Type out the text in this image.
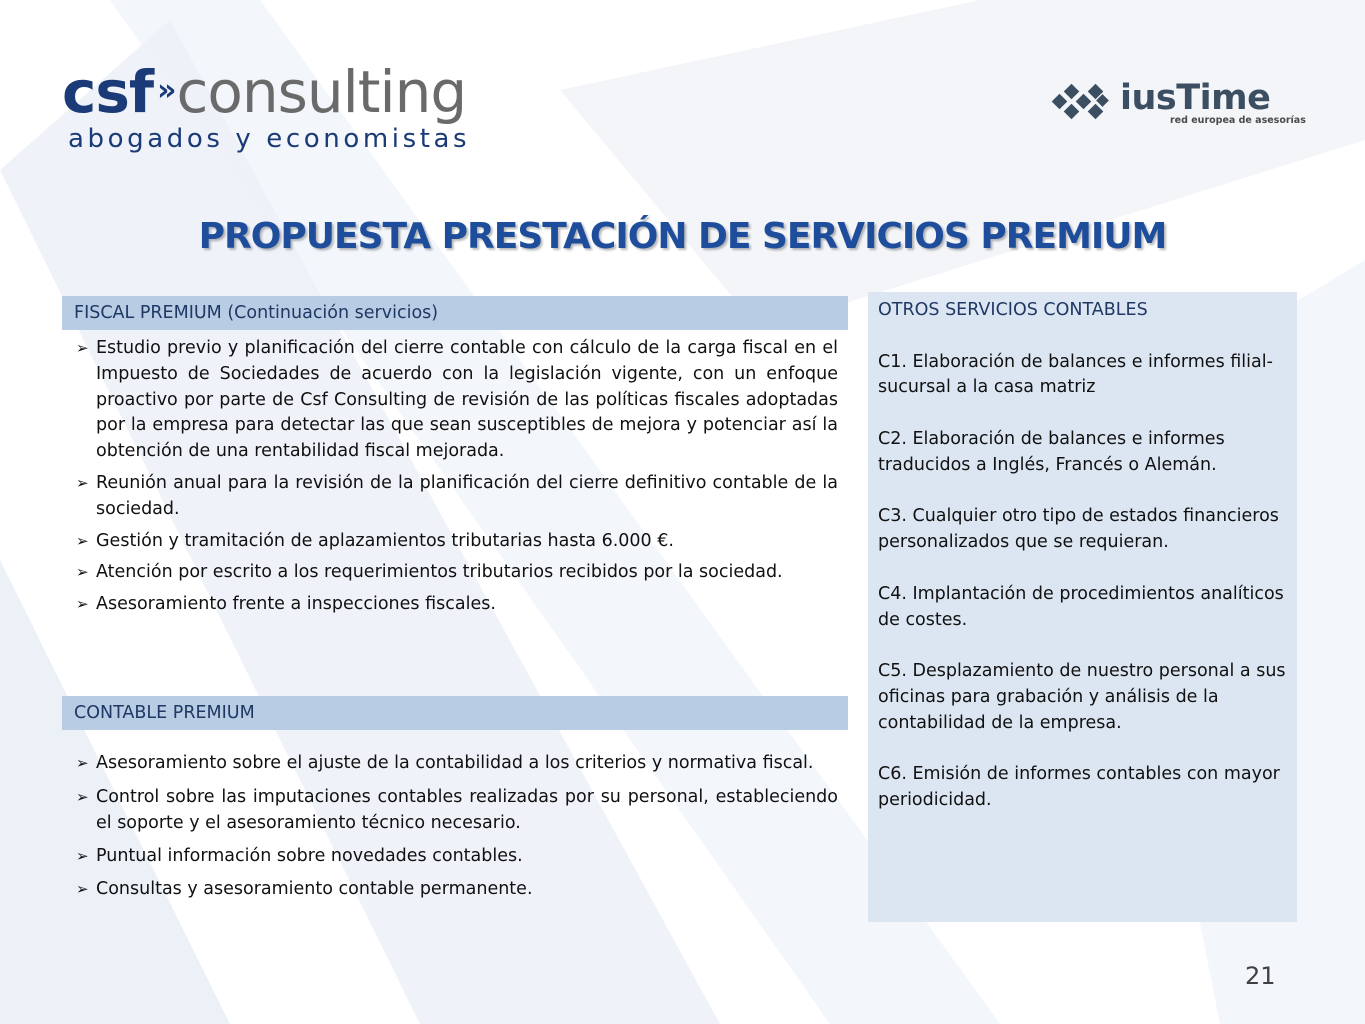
csf » consulting
abogados y economistas
iusTime
red europea de asesorías
PROPUESTA PRESTACIÓN DE SERVICIOS PREMIUM
FISCAL PREMIUM (Continuación servicios)
➢ Estudio previo y planificación del cierre contable con cálculo de la carga fiscal en el Impuesto de Sociedades de acuerdo con la legislación vigente, con un enfoque proactivo por parte de Csf Consulting de revisión de las políticas fiscales adoptadas por la empresa para detectar las que sean susceptibles de mejora y potenciar así la obtención de una rentabilidad fiscal mejorada.
➢ Reunión anual para la revisión de la planificación del cierre definitivo contable de la sociedad.
➢ Gestión y tramitación de aplazamientos tributarias hasta 6.000 €.
➢ Atención por escrito a los requerimientos tributarios recibidos por la sociedad.
➢ Asesoramiento frente a inspecciones fiscales.
CONTABLE PREMIUM
➢ Asesoramiento sobre el ajuste de la contabilidad a los criterios y normativa fiscal.
➢ Control sobre las imputaciones contables realizadas por su personal, estableciendo el soporte y el asesoramiento técnico necesario.
➢ Puntual información sobre novedades contables.
➢ Consultas y asesoramiento contable permanente.
OTROS SERVICIOS CONTABLES
C1. Elaboración de balances e informes filial- sucursal a la casa matriz
C2. Elaboración de balances e informes traducidos a Inglés, Francés o Alemán.
C3. Cualquier otro tipo de estados financieros personalizados que se requieran.
C4. Implantación de procedimientos analíticos de costes.
C5. Desplazamiento de nuestro personal a sus oficinas para grabación y análisis de la contabilidad de la empresa.
C6. Emisión de informes contables con mayor periodicidad.
21
